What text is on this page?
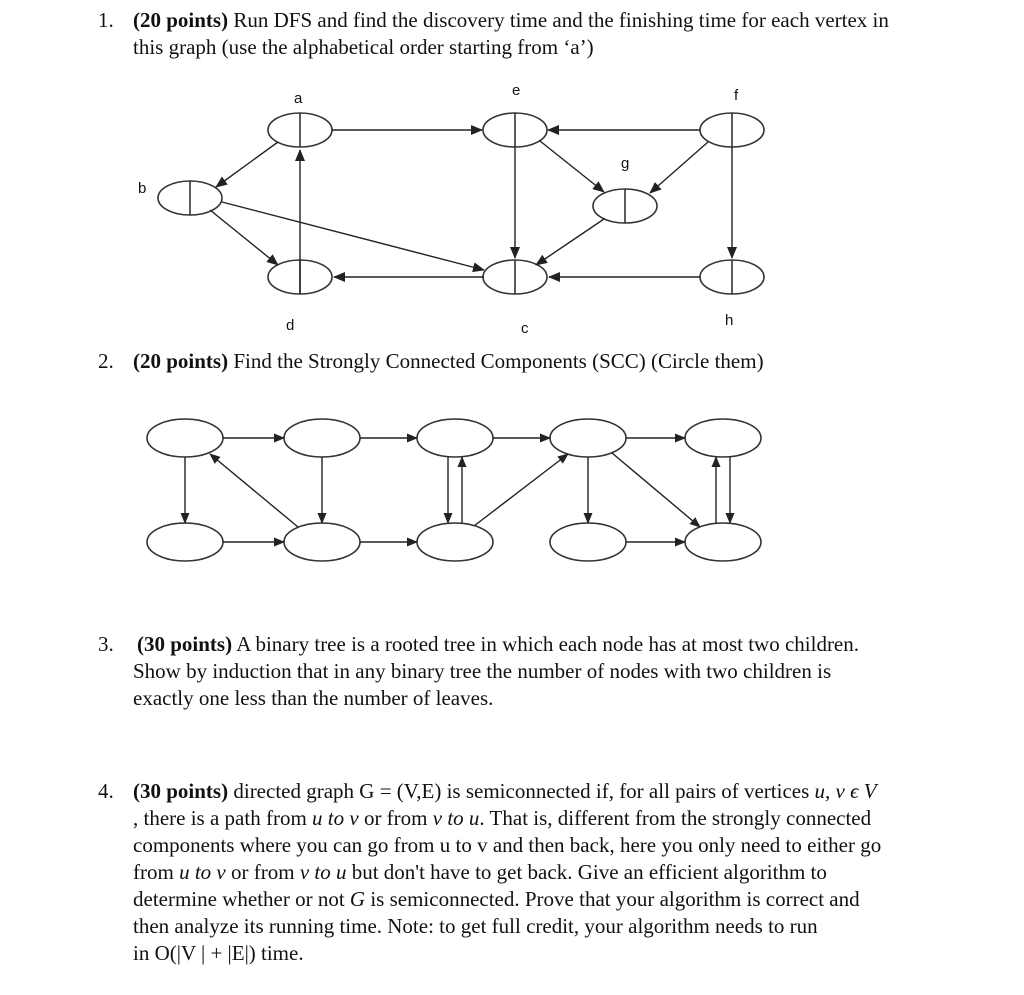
1. (20 points) Run DFS and find the discovery time and the finishing time for each vertex in
this graph (use the alphabetical order starting from ‘a’)
a
b
c
d
e	f
g
h
2. (20 points) Find the Strongly Connected Components (SCC) (Circle them)
3. (30 points) A binary tree is a rooted tree in which each node has at most two children.
Show by induction that in any binary tree the number of nodes with two children is
exactly one less than the number of leaves.
4. (30 points) directed graph G = (V,E) is semiconnected if, for all pairs of vertices u, v ϵ V
, there is a path from u to v or from v to u. That is, different from the strongly connected
components where you can go from u to v and then back, here you only need to either go
from u to v or from v to u but don't have to get back. Give an efficient algorithm to
determine whether or not G is semiconnected. Prove that your algorithm is correct and
then analyze its running time. Note: to get full credit, your algorithm needs to run
in O(|V | + |E|) time.
